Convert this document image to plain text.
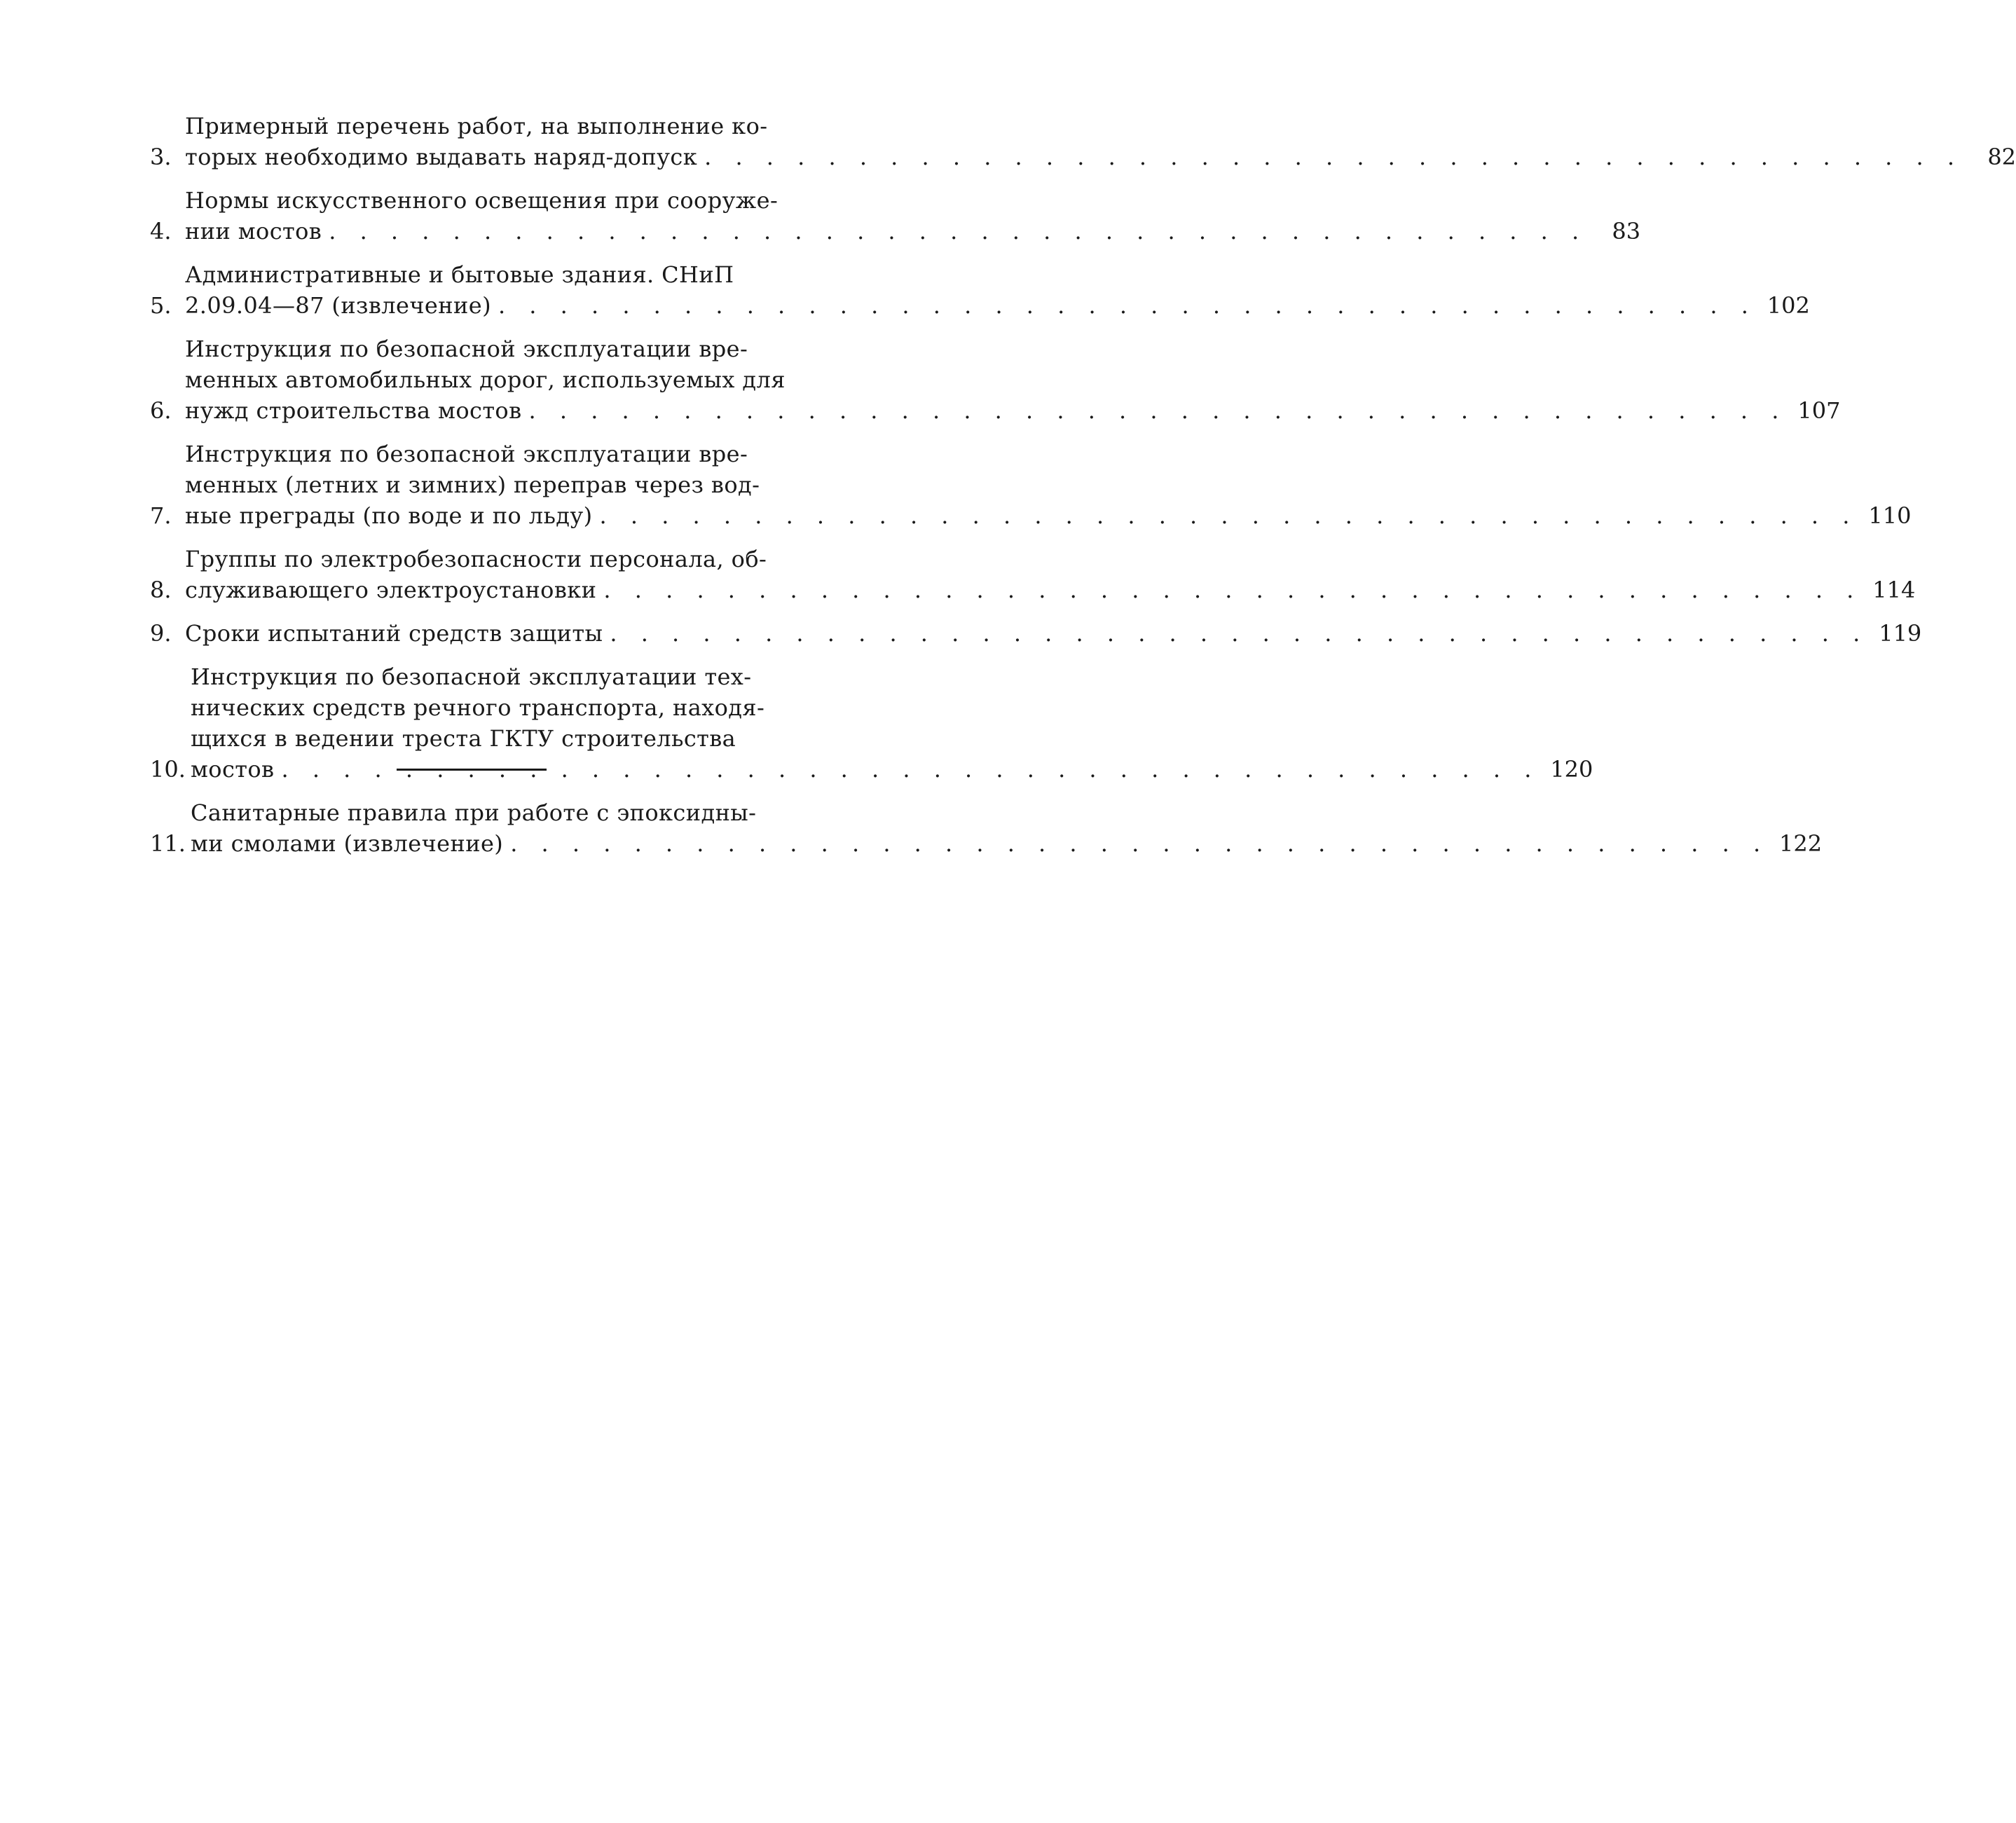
3.
Примерный перечень работ, на выполнение ко-
торых необходимо выдавать наряд-допуск . . .	82
4.
Нормы искусственного освещения при сооруже-
нии мостов . . .	83
5.
Административные и бытовые здания. СНиП
2.09.04—87 (извлечение) . . .	102
6.
Инструкция по безопасной эксплуатации вре-
менных автомобильных дорог, используемых для
нужд строительства мостов . . .	107
7.
Инструкция по безопасной эксплуатации вре-
менных (летних и зимних) переправ через вод-
ные преграды (по воде и по льду) . . .	110
8.
Группы по электробезопасности персонала, об-
служивающего электроустановки . . .	114
9. Сроки испытаний средств защиты . . .	119
10.
Инструкция по безопасной эксплуатации тех-
нических средств речного транспорта, находя-
щихся в ведении треста ГКТУ строительства
мостов . . .	120
11.
Санитарные правила при работе с эпоксидны-
ми смолами (извлечение) . . .	122
